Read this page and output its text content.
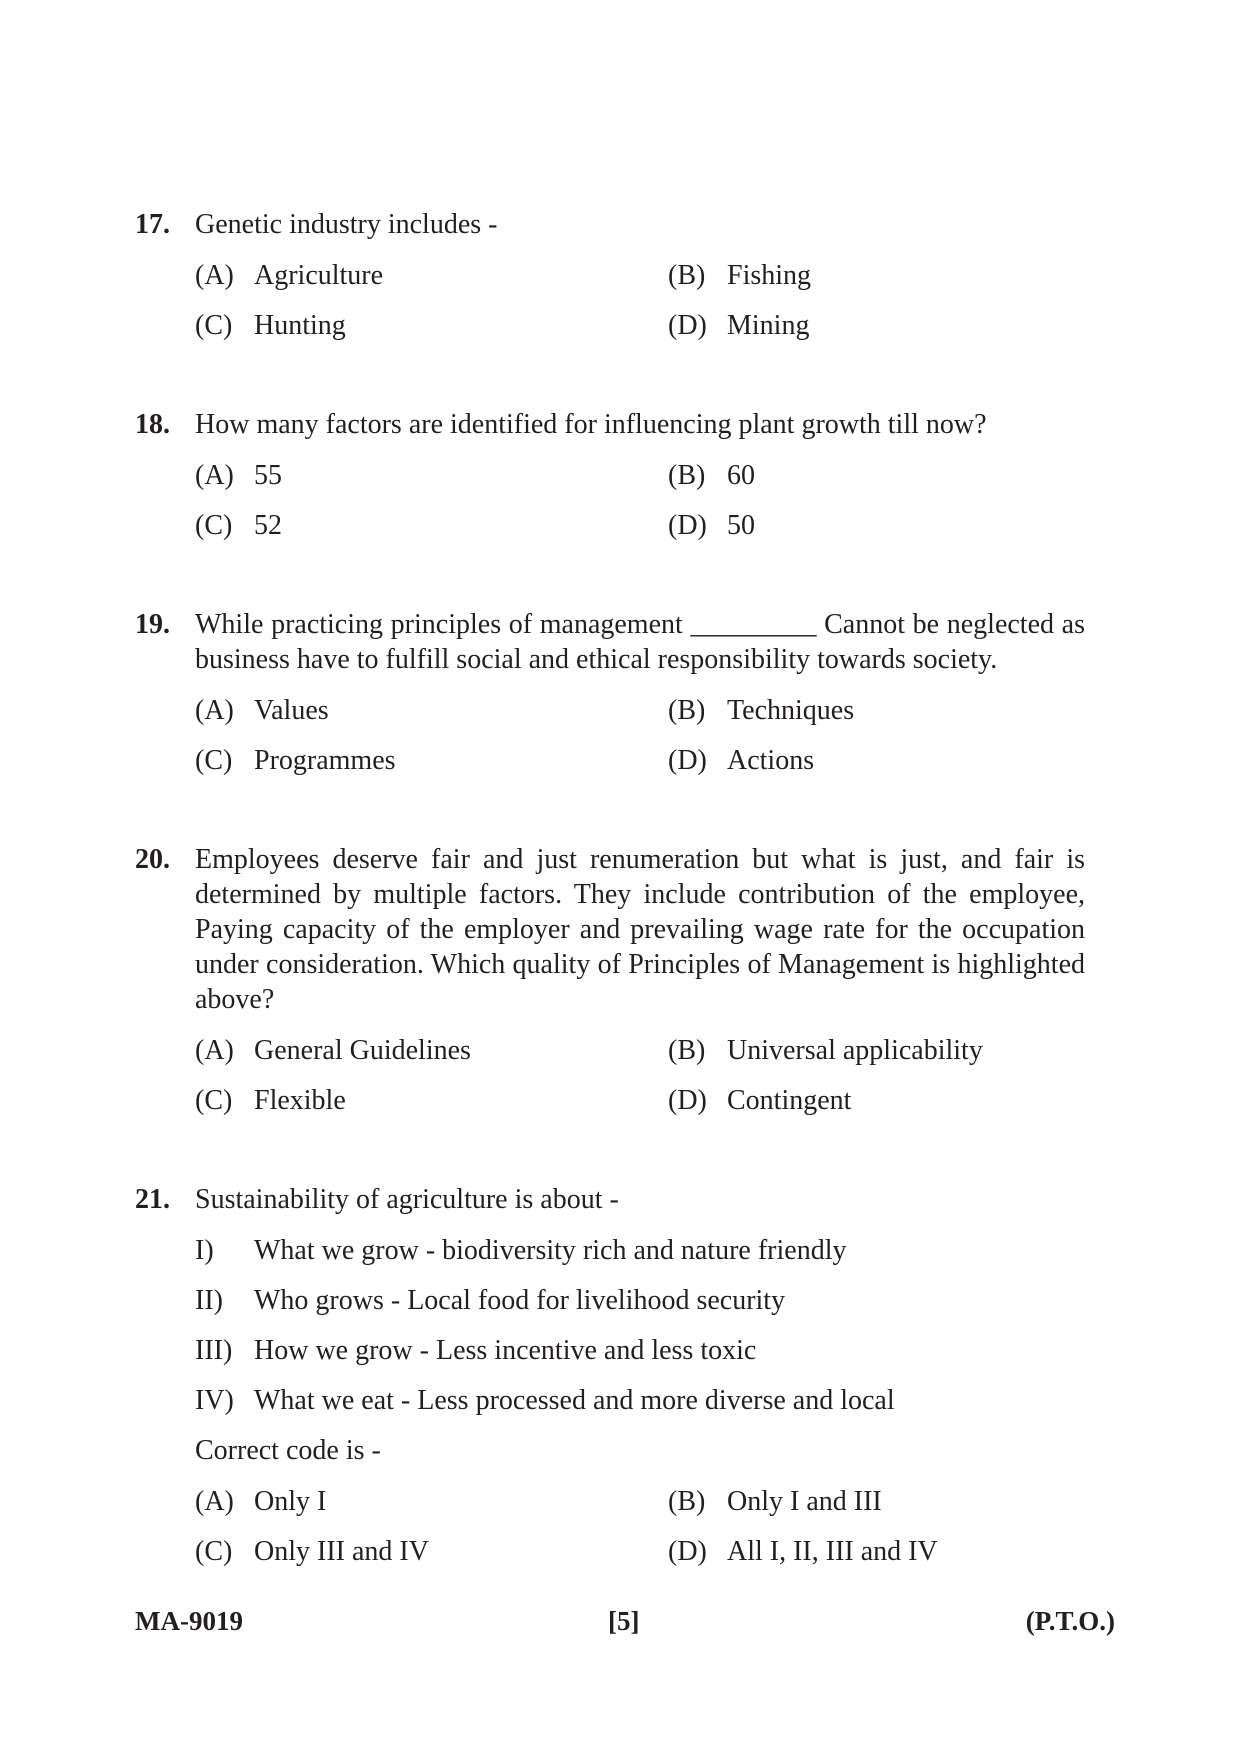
17. Genetic industry includes -
(A) Agriculture	(B) Fishing
(C) Hunting	(D) Mining
18. How many factors are identified for influencing plant growth till now?
(A) 55	(B) 60
(C) 52	(D) 50
19. While practicing principles of management _________ Cannot be neglected as business have to fulfill social and ethical responsibility towards society.
(A) Values	(B) Techniques
(C) Programmes	(D) Actions
20. Employees deserve fair and just renumeration but what is just, and fair is determined by multiple factors. They include contribution of the employee, Paying capacity of the employer and prevailing wage rate for the occupation under consideration. Which quality of Principles of Management is highlighted above?
(A) General Guidelines	(B) Universal applicability
(C) Flexible	(D) Contingent
21. Sustainability of agriculture is about -
I)	What we grow - biodiversity rich and nature friendly
II)	Who grows - Local food for livelihood security
III) How we grow - Less incentive and less toxic
IV) What we eat - Less processed and more diverse and local
Correct code is -
(A) Only I	(B) Only I and III
(C) Only III and IV	(D) All I, II, III and IV
MA-9019	[5]	(P.T.O.)
